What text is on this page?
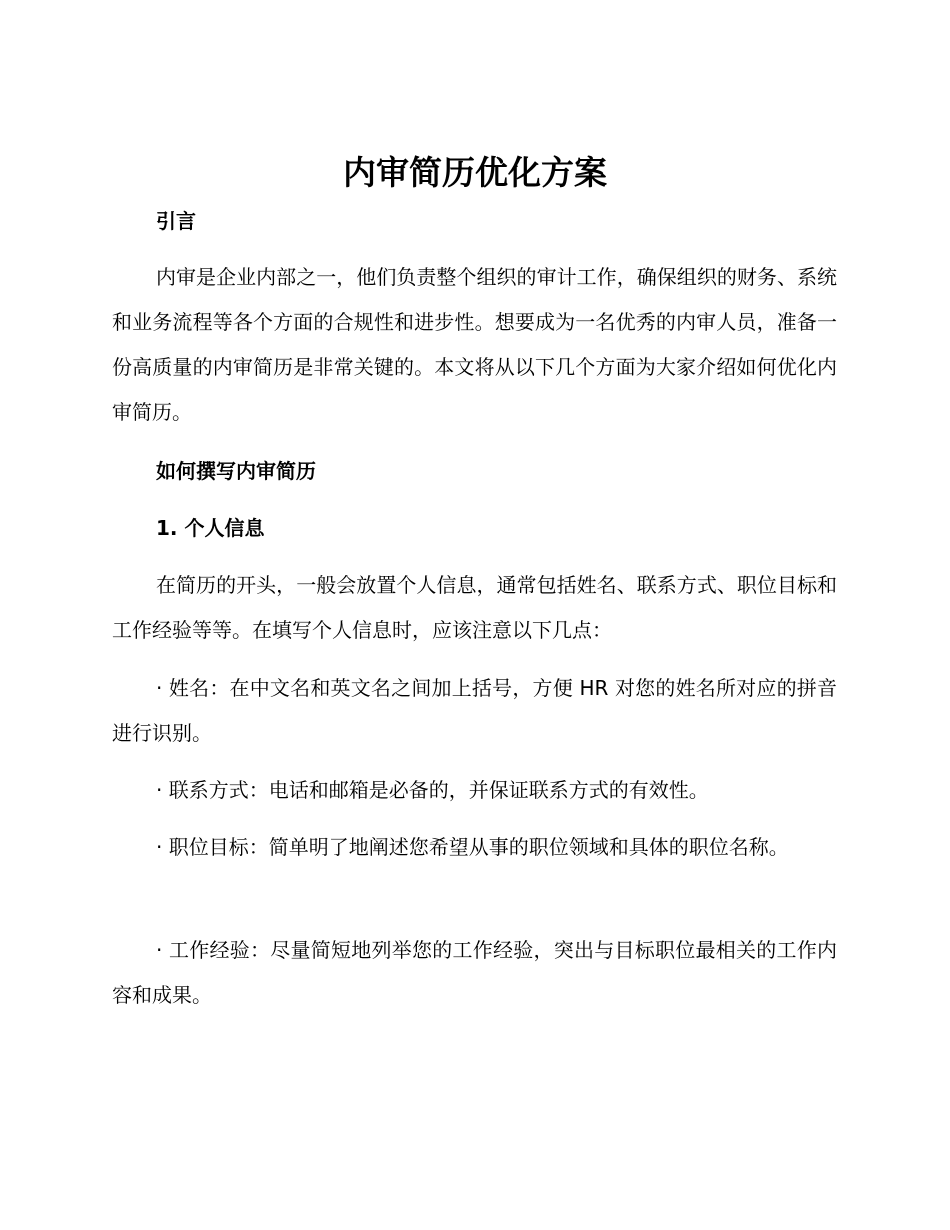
内审简历优化方案
引言

内审是企业内部之一，他们负责整个组织的审计工作，确保组织的财务、系统和业务流程等各个方面的合规性和进步性。想要成为一名优秀的内审人员，准备一份高质量的内审简历是非常关键的。本文将从以下几个方面为大家介绍如何优化内审简历。

如何撰写内审简历
1. 个人信息

在简历的开头，一般会放置个人信息，通常包括姓名、联系方式、职位目标和工作经验等等。在填写个人信息时，应该注意以下几点：

· 姓名：在中文名和英文名之间加上括号，方便 HR 对您的姓名所对应的拼音进行识别。

· 联系方式：电话和邮箱是必备的，并保证联系方式的有效性。

· 职位目标：简单明了地阐述您希望从事的职位领域和具体的职位名称。

· 工作经验：尽量简短地列举您的工作经验，突出与目标职位最相关的工作内容和成果。
